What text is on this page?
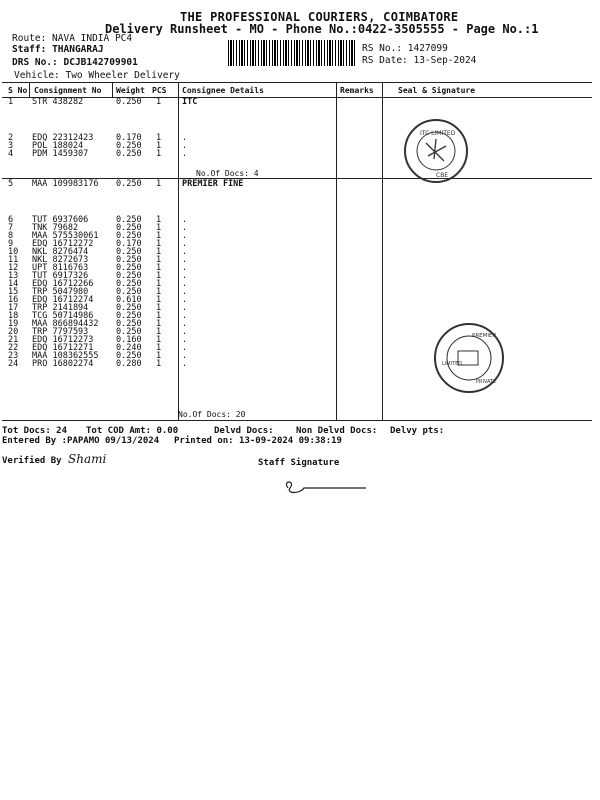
THE PROFESSIONAL COURIERS, COIMBATORE
Delivery Runsheet - MO - Phone No.:0422-3505555 - Page No.:1
Route: NAVA INDIA PC4
Staff: THANGARAJ
DRS No.: DCJB142709901
Vehicle: Two Wheeler Delivery
RS No.: 1427099
RS Date: 13-Sep-2024
S No Consignment No Weight PCS Consignee Details	Remarks	Seal & Signature
1 STR 438282	0.250 1 ITC
2 EDQ 22312423	0.170 1 .
3 POL 188024	0.250 1 .
4 PDM 1459307	0.250 1 .
5 MAA 109983176 0.250 1 PREMIER FINE
6 TUT 6937606	0.250 1 .
7 TNK 79682	0.250 1 .
8 MAA 575530061 0.250 1 .
9 EDQ 16712272	0.170 1 .
10 NKL 8276474	0.250 1 .
11 NKL 8272673	0.250 1 .
12 UPT 8116763	0.250 1 .
13 TUT 6917326	0.250 1 .
14 EDQ 16712266	0.250 1 .
15 TRP 5047980	0.250 1 .
16 EDQ 16712274	0.610 1 .
17 TRP 2141894	0.250 1 .
18 TCG 50714986	0.250 1 .
19 MAA 866894432 0.250 1 .
20 TRP 7797593	0.250 1 .
21 EDQ 16712273	0.160 1 .
22 EDQ 16712271	0.240 1 .
23 MAA 108362555 0.250 1 .
24 PRO 16802274	0.280 1 .
No.Of Docs: 4
No.Of Docs: 20
ITC LIMITED
CBE
PREMIER
LIMITED
PRIVATE
Tot Docs: 24 Tot COD Amt: 0.00	Delvd Docs: Non Delvd Docs: Delvy pts:
Entered By :PAPAMO 09/13/2024 Printed on: 13-09-2024 09:38:19
Verified By Shami	Staff Signature
